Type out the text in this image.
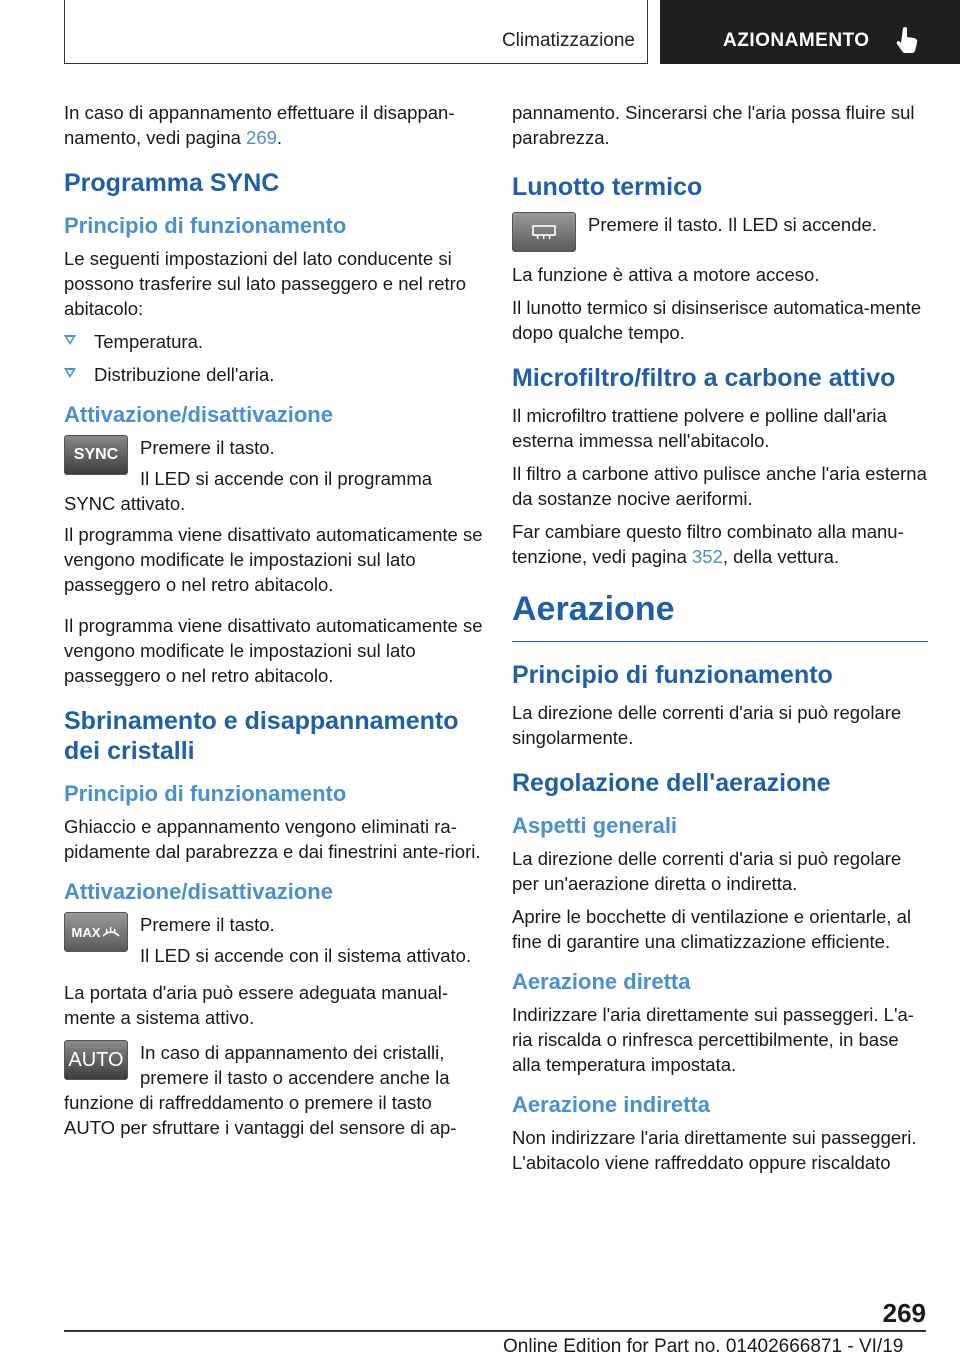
Climatizzazione	AZIONAMENTO

In caso di appannamento effettuare il disappan-namento, vedi pagina 269.

Programma SYNC
Principio di funzionamento

Le seguenti impostazioni del lato conducente si possono trasferire sul lato passeggero e nel retro abitacolo:

Temperatura.
Distribuzione dell'aria.
Attivazione/disattivazione
SYNC	Premere il tasto.

Il LED si accende con il programma SYNC attivato.

Il programma viene disattivato automaticamente se vengono modificate le impostazioni sul lato passeggero o nel retro abitacolo.

Il programma viene disattivato automaticamente se vengono modificate le impostazioni sul lato passeggero o nel retro abitacolo.

Sbrinamento e disappannamento dei cristalli
Principio di funzionamento

Ghiaccio e appannamento vengono eliminati ra-pidamente dal parabrezza e dai finestrini ante-riori.

Attivazione/disattivazione
MAX	Premere il tasto.

Il LED si accende con il sistema attivato.

La portata d'aria può essere adeguata manual-mente a sistema attivo.

AUTO In caso di appannamento dei cristalli, premere il tasto o accendere anche la funzione di raffreddamento o premere il tasto AUTO per sfruttare i vantaggi del sensore di ap-

pannamento. Sincerarsi che l'aria possa fluire sul parabrezza.

Lunotto termico

Premere il tasto. Il LED si accende.

La funzione è attiva a motore acceso.

Il lunotto termico si disinserisce automatica-mente dopo qualche tempo.

Microfiltro/filtro a carbone attivo

Il microfiltro trattiene polvere e polline dall'aria esterna immessa nell'abitacolo.

Il filtro a carbone attivo pulisce anche l'aria esterna da sostanze nocive aeriformi.

Far cambiare questo filtro combinato alla manu-tenzione, vedi pagina 352, della vettura.

Aerazione
Principio di funzionamento

La direzione delle correnti d'aria si può regolare singolarmente.

Regolazione dell'aerazione
Aspetti generali

La direzione delle correnti d'aria si può regolare per un'aerazione diretta o indiretta.

Aprire le bocchette di ventilazione e orientarle, al fine di garantire una climatizzazione efficiente.

Aerazione diretta

Indirizzare l'aria direttamente sui passeggeri. L'a-ria riscalda o rinfresca percettibilmente, in base alla temperatura impostata.

Aerazione indiretta

Non indirizzare l'aria direttamente sui passeggeri. L'abitacolo viene raffreddato oppure riscaldato

269
Online Edition for Part no. 01402666871 - VI/19
